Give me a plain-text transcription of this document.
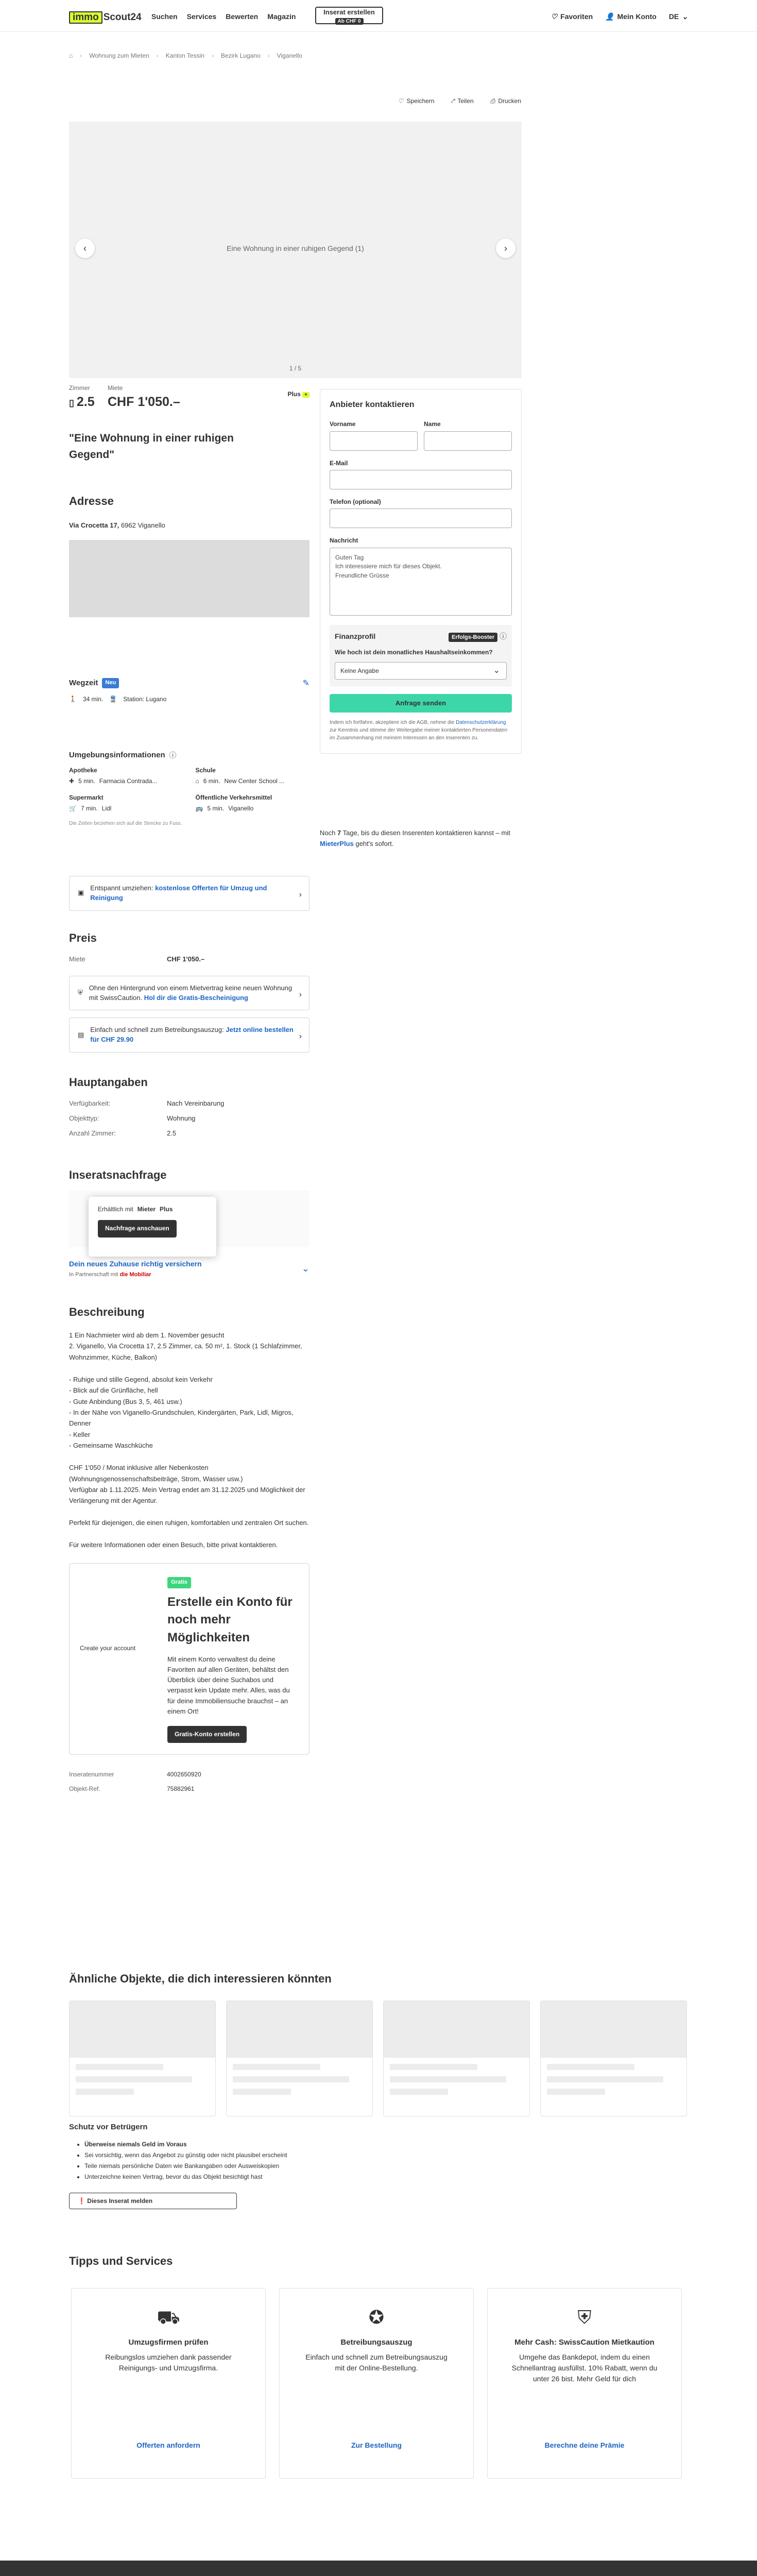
immo Scout24 Suchen Services Bewerten Magazin
Inserat erstellen
Ab CHF 0
♡ Favoriten 👤 Mein Konto DE ⌄
⌂ › Wohnung zum Mieten › Kanton Tessin › Bezirk Lugano › Viganello
♡ Speichern	⤤ Teilen	⎙ Drucken
Eine Wohnung in einer ruhigen Gegend (1)
‹	›
1 / 5
Zimmer
▯ 2.5
Miete
CHF 1'050.–
Plus +
"Eine Wohnung in einer ruhigen Gegend"
Adresse
Via Crocetta 17, 6962 Viganello
Wegzeit	Neu	✎
🚶 34 min. 🚆 Station: Lugano
Umgebungsinformationen ⓘ
Apotheke
✚ 5 min. Farmacia Contrada...
Schule
⌂ 6 min. New Center School ...
Supermarkt
🛒 7 min. Lidl
Öffentliche Verkehrsmittel
🚌 5 min. Viganello
Die Zeiten beziehen sich auf die Strecke zu Fuss.
▣
Entspannt umziehen: kostenlose Offerten für Umzug und Reinigung	›
Preis
Miete	CHF 1'050.–
⛨
Ohne den Hintergrund von einem Mietvertrag keine neuen Wohnung mit SwissCaution. Hol dir die Gratis-Bescheinigung	›
▤
Einfach und schnell zum Betreibungsauszug: Jetzt online bestellen für CHF 29.90	›
Hauptangaben
Verfügbarkeit:	Nach Vereinbarung
Objekttyp:	Wohnung
Anzahl Zimmer:	2.5
Inseratsnachfrage
Dein neues Zuhause richtig versichern
In Partnerschaft mit die Mobiliar
⌄
Beschreibung
1 Ein Nachmieter wird ab dem 1. November gesucht
2. Viganello, Via Crocetta 17, 2.5 Zimmer, ca. 50 m², 1. Stock (1 Schlafzimmer, Wohnzimmer, Küche, Balkon)

- Ruhige und stille Gegend, absolut kein Verkehr
- Blick auf die Grünfläche, hell
- Gute Anbindung (Bus 3, 5, 461 usw.)
- In der Nähe von Viganello-Grundschulen, Kindergärten, Park, Lidl, Migros, Denner
- Keller
- Gemeinsame Waschküche

CHF 1'050 / Monat inklusive aller Nebenkosten (Wohnungsgenossenschaftsbeiträge, Strom, Wasser usw.)
Verfügbar ab 1.11.2025. Mein Vertrag endet am 31.12.2025 und Möglichkeit der Verlängerung mit der Agentur.

Perfekt für diejenigen, die einen ruhigen, komfortablen und zentralen Ort suchen.

Für weitere Informationen oder einen Besuch, bitte privat kontaktieren.
Create your account
Gratis
Erstelle ein Konto für noch mehr Möglichkeiten

Mit einem Konto verwaltest du deine Favoriten auf allen Geräten, behältst den Überblick über deine Suchabos und verpasst kein Update mehr. Alles, was du für deine Immobiliensuche brauchst – an einem Ort!

Gratis-Konto erstellen
Inseratenummer	4002650920
Objekt-Ref.	75882961
Erhältlich mit Mieter Plus
Nachfrage anschauen
Anbieter kontaktieren
Vorname	Name
E-Mail
Telefon (optional)
Nachricht
Guten Tag
Ich interessiere mich für dieses Objekt.
Freundliche Grüsse
Finanzprofil	Erfolgs-Booster ⓘ
Wie hoch ist dein monatliches Haushaltseinkommen?
Keine Angabe ⌄
Anfrage senden
Indem ich fortfahre, akzeptiere ich die AGB, nehme die Datenschutzerklärung zur Kenntnis und stimme der Weitergabe meiner kontaktierten Personendaten im Zusammenhang mit meinem Interessen an den Inserenten zu.
Noch 7 Tage, bis du diesen Inserenten kontaktieren kannst – mit MieterPlus geht's sofort.
Ähnliche Objekte, die dich interessieren könnten
Schutz vor Betrügern
• Überweise niemals Geld im Voraus
• Sei vorsichtig, wenn das Angebot zu günstig oder nicht plausibel erscheint
• Teile niemals persönliche Daten wie Bankangaben oder Ausweiskopien
• Unterzeichne keinen Vertrag, bevor du das Objekt besichtigt hast
❗ Dieses Inserat melden
Tipps und Services
⛟
Umzugsfirmen prüfen

Reibungslos umziehen dank passender Reinigungs- und Umzugsfirma.

Offerten anfordern
✪
Betreibungsauszug

Einfach und schnell zum Betreibungsauszug mit der Online-Bestellung.

Zur Bestellung
⛨
Mehr Cash: SwissCaution Mietkaution

Umgehe das Bankdepot, indem du einen Schnellantrag ausfüllst. 10% Rabatt, wenn du unter 26 bist. Mehr Geld für dich

Berechne deine Prämie
